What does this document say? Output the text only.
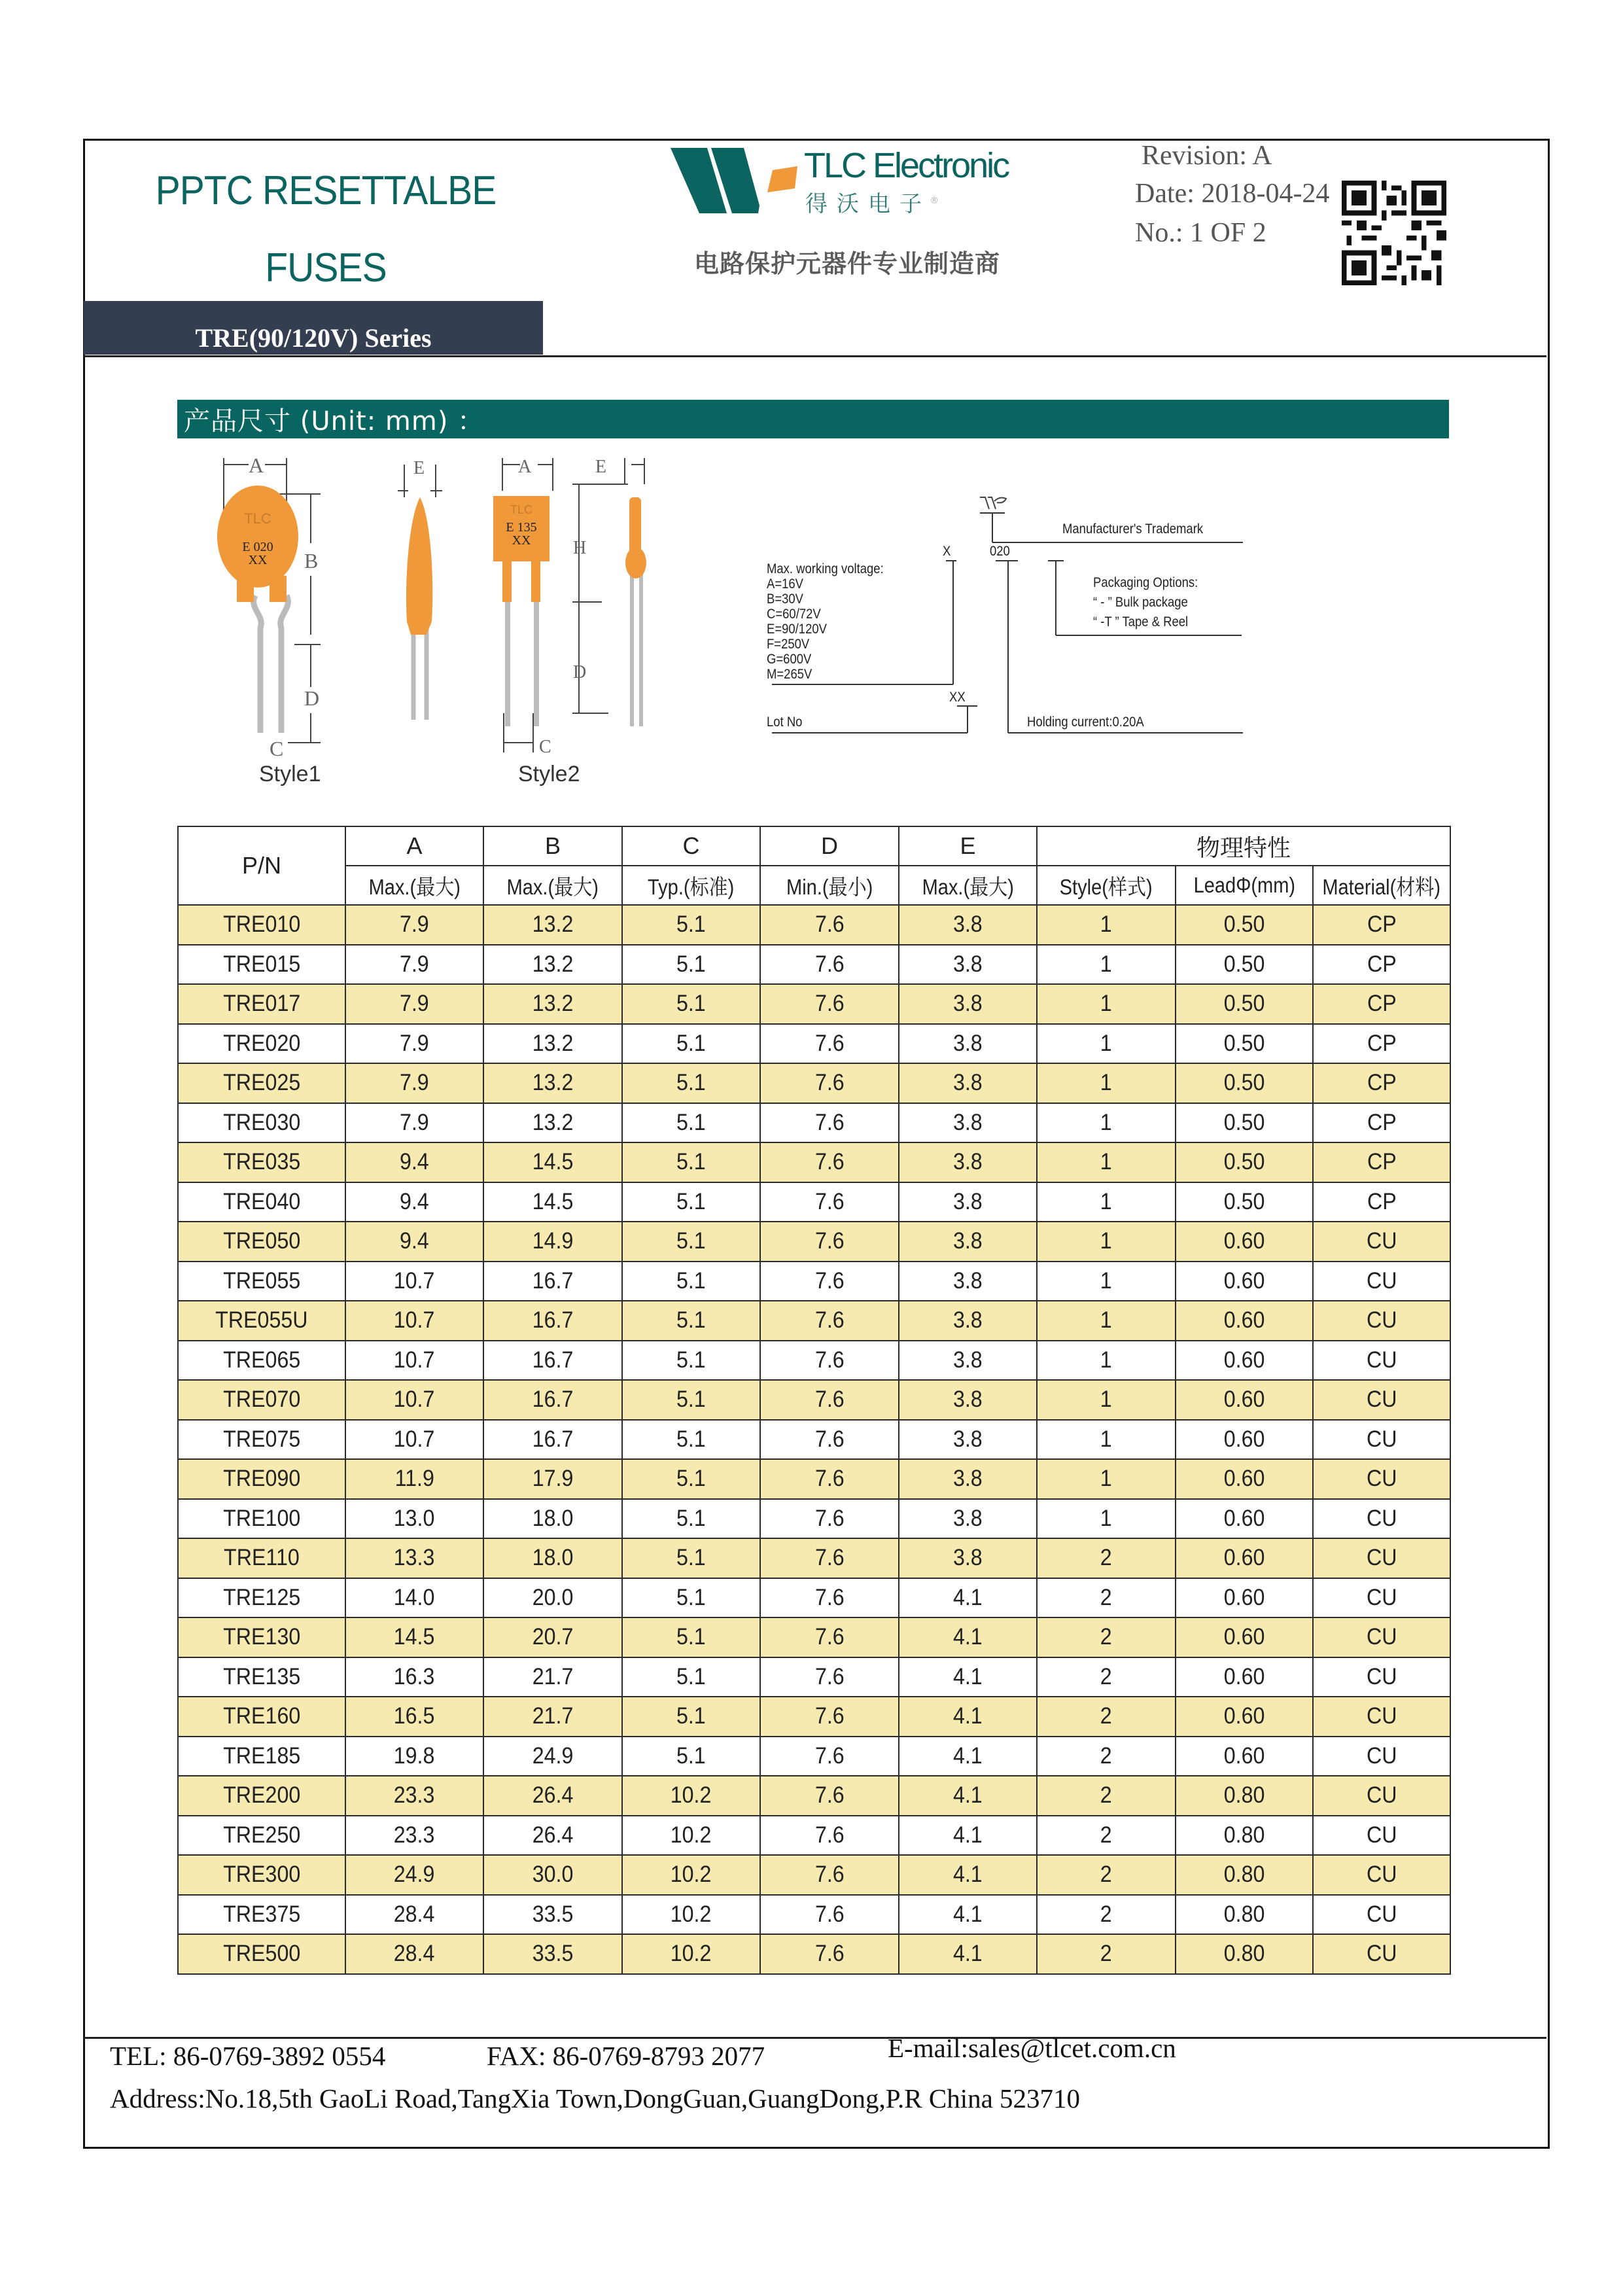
PPTC RESETTALBE
FUSES
TRE(90/120V) Series
TLC Electronic
得沃电子®
电路保护元器件专业制造商
Revision: A
Date: 2018-04-24
No.: 1 OF 2
产品尺寸 (Unit: mm) ：
A
B
D
C
TLC
E 020
XX
E
Style1
A	E
H
D
C
TLC
E 135
XX
Style2
Manufacturer's Trademark
X	020
Max. working voltage:
A=16V
B=30V
C=60/72V
E=90/120V
F=250V
G=600V
M=265V
Packaging Options:
“ - ” Bulk package
“ -T ” Tape & Reel
XX
Lot No	Holding current:0.20A
P/N	A	B	C	D	E	物理特性		
	Max.(最大)	Max.(最大)	Typ.(标准)	Min.(最小)	Max.(最大)	Style(样式)	LeadΦ(mm)	Material(材料)
TRE010	7.9	13.2	5.1	7.6	3.8	1	0.50	CP
TRE015	7.9	13.2	5.1	7.6	3.8	1	0.50	CP
TRE017	7.9	13.2	5.1	7.6	3.8	1	0.50	CP
TRE020	7.9	13.2	5.1	7.6	3.8	1	0.50	CP
TRE025	7.9	13.2	5.1	7.6	3.8	1	0.50	CP
TRE030	7.9	13.2	5.1	7.6	3.8	1	0.50	CP
TRE035	9.4	14.5	5.1	7.6	3.8	1	0.50	CP
TRE040	9.4	14.5	5.1	7.6	3.8	1	0.50	CP
TRE050	9.4	14.9	5.1	7.6	3.8	1	0.60	CU
TRE055	10.7	16.7	5.1	7.6	3.8	1	0.60	CU
TRE055U	10.7	16.7	5.1	7.6	3.8	1	0.60	CU
TRE065	10.7	16.7	5.1	7.6	3.8	1	0.60	CU
TRE070	10.7	16.7	5.1	7.6	3.8	1	0.60	CU
TRE075	10.7	16.7	5.1	7.6	3.8	1	0.60	CU
TRE090	11.9	17.9	5.1	7.6	3.8	1	0.60	CU
TRE100	13.0	18.0	5.1	7.6	3.8	1	0.60	CU
TRE110	13.3	18.0	5.1	7.6	3.8	2	0.60	CU
TRE125	14.0	20.0	5.1	7.6	4.1	2	0.60	CU
TRE130	14.5	20.7	5.1	7.6	4.1	2	0.60	CU
TRE135	16.3	21.7	5.1	7.6	4.1	2	0.60	CU
TRE160	16.5	21.7	5.1	7.6	4.1	2	0.60	CU
TRE185	19.8	24.9	5.1	7.6	4.1	2	0.60	CU
TRE200	23.3	26.4	10.2	7.6	4.1	2	0.80	CU
TRE250	23.3	26.4	10.2	7.6	4.1	2	0.80	CU
TRE300	24.9	30.0	10.2	7.6	4.1	2	0.80	CU
TRE375	28.4	33.5	10.2	7.6	4.1	2	0.80	CU
TRE500	28.4	33.5	10.2	7.6	4.1	2	0.80	CU
TEL: 86-0769-3892 0554	FAX: 86-0769-8793 2077	E-mail:sales@tlcet.com.cn
Address:No.18,5th GaoLi Road,TangXia Town,DongGuan,GuangDong,P.R China 523710
